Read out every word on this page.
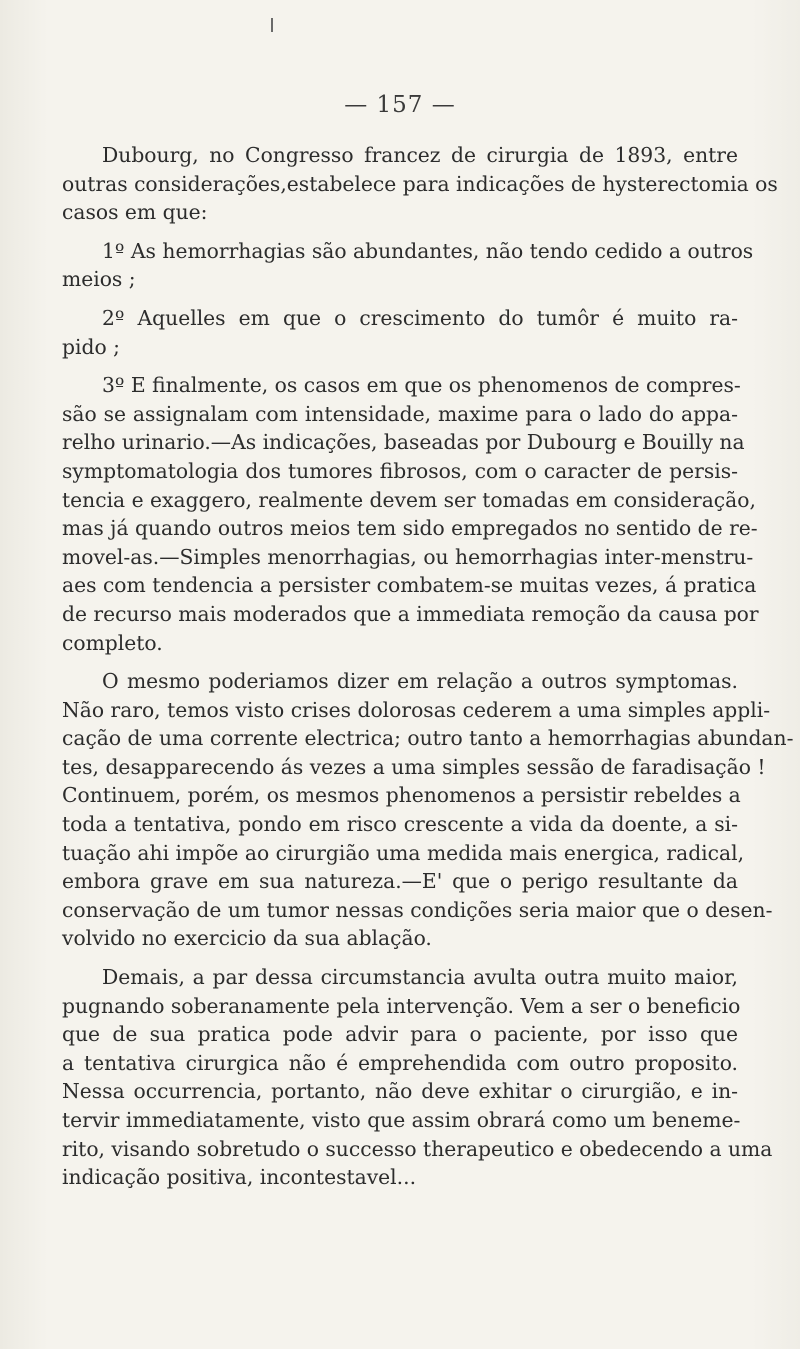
— 157 —
Dubourg, no Congresso francez de cirurgia de 1893, entre
outras considerações,estabelece para indicações de hysterectomia os
casos em que:
1º As hemorrhagias são abundantes, não tendo cedido a outros
meios ;
2º Aquelles em que o crescimento do tumôr é muito ra-
pido ;
3º E finalmente, os casos em que os phenomenos de compres-
são se assignalam com intensidade, maxime para o lado do appa-
relho urinario.—As indicações, baseadas por Dubourg e Bouilly na
symptomatologia dos tumores fibrosos, com o caracter de persis-
tencia e exaggero, realmente devem ser tomadas em consideração,
mas já quando outros meios tem sido empregados no sentido de re-
movel-as.—Simples menorrhagias, ou hemorrhagias inter-menstru-
aes com tendencia a persister combatem-se muitas vezes, á pratica
de recurso mais moderados que a immediata remoção da causa por
completo.
O mesmo poderiamos dizer em relação a outros symptomas.
Não raro, temos visto crises dolorosas cederem a uma simples appli-
cação de uma corrente electrica; outro tanto a hemorrhagias abundan-
tes, desapparecendo ás vezes a uma simples sessão de faradisação !
Continuem, porém, os mesmos phenomenos a persistir rebeldes a
toda a tentativa, pondo em risco crescente a vida da doente, a si-
tuação ahi impõe ao cirurgião uma medida mais energica, radical,
embora grave em sua natureza.—E' que o perigo resultante da
conservação de um tumor nessas condições seria maior que o desen-
volvido no exercicio da sua ablação.
Demais, a par dessa circumstancia avulta outra muito maior,
pugnando soberanamente pela intervenção. Vem a ser o beneficio
que de sua pratica pode advir para o paciente, por isso que
a tentativa cirurgica não é emprehendida com outro proposito.
Nessa occurrencia, portanto, não deve exhitar o cirurgião, e in-
tervir immediatamente, visto que assim obrará como um beneme-
rito, visando sobretudo o successo therapeutico e obedecendo a uma
indicação positiva, incontestavel...
